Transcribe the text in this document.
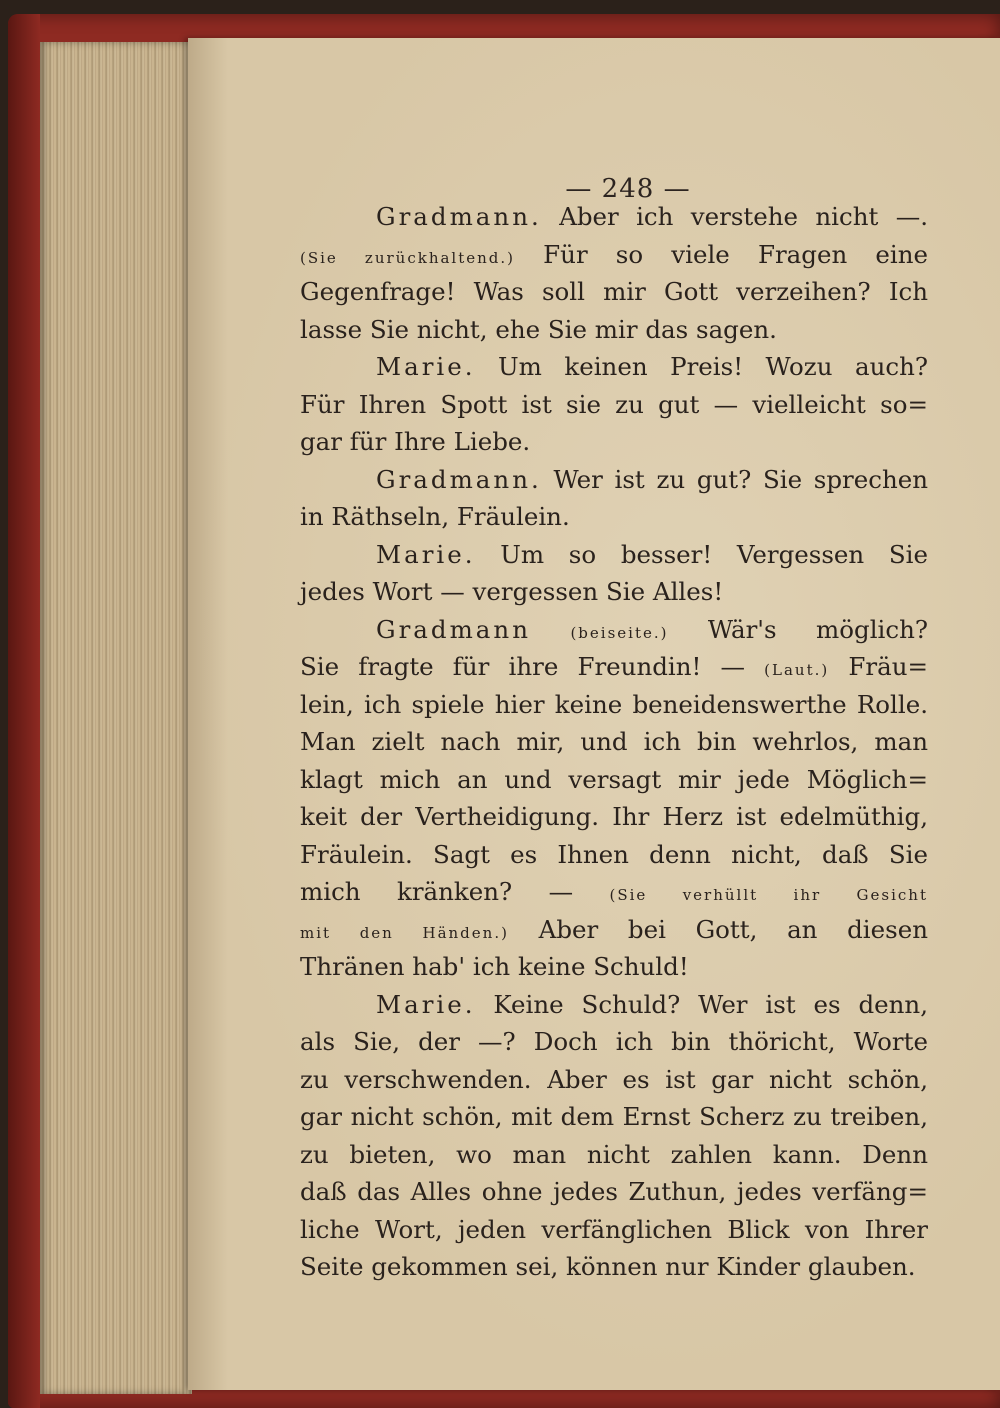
— 248 —
Gradmann. Aber ich verstehe nicht —.
(Sie zurückhaltend.) Für so viele Fragen eine
Gegenfrage! Was soll mir Gott verzeihen? Ich
lasse Sie nicht, ehe Sie mir das sagen.
Marie. Um keinen Preis! Wozu auch?
Für Ihren Spott ist sie zu gut — vielleicht so=
gar für Ihre Liebe.
Gradmann. Wer ist zu gut? Sie sprechen
in Räthseln, Fräulein.
Marie. Um so besser! Vergessen Sie
jedes Wort — vergessen Sie Alles!
Gradmann	(beiseite.) Wär's möglich?
Sie fragte für ihre Freundin! — (Laut.) Fräu=
lein, ich spiele hier keine beneidenswerthe Rolle.
Man zielt nach mir, und ich bin wehrlos, man
klagt mich an und versagt mir jede Möglich=
keit der Vertheidigung. Ihr Herz ist edelmüthig,
Fräulein. Sagt es Ihnen denn nicht, daß Sie
mich kränken? — (Sie verhüllt ihr Gesicht
mit den Händen.) Aber bei Gott, an diesen
Thränen hab' ich keine Schuld!
Marie. Keine Schuld? Wer ist es denn,
als Sie, der —? Doch ich bin thöricht, Worte
zu verschwenden. Aber es ist gar nicht schön,
gar nicht schön, mit dem Ernst Scherz zu treiben,
zu bieten, wo man nicht zahlen kann. Denn
daß das Alles ohne jedes Zuthun, jedes verfäng=
liche Wort, jeden verfänglichen Blick von Ihrer
Seite gekommen sei, können nur Kinder glauben.
